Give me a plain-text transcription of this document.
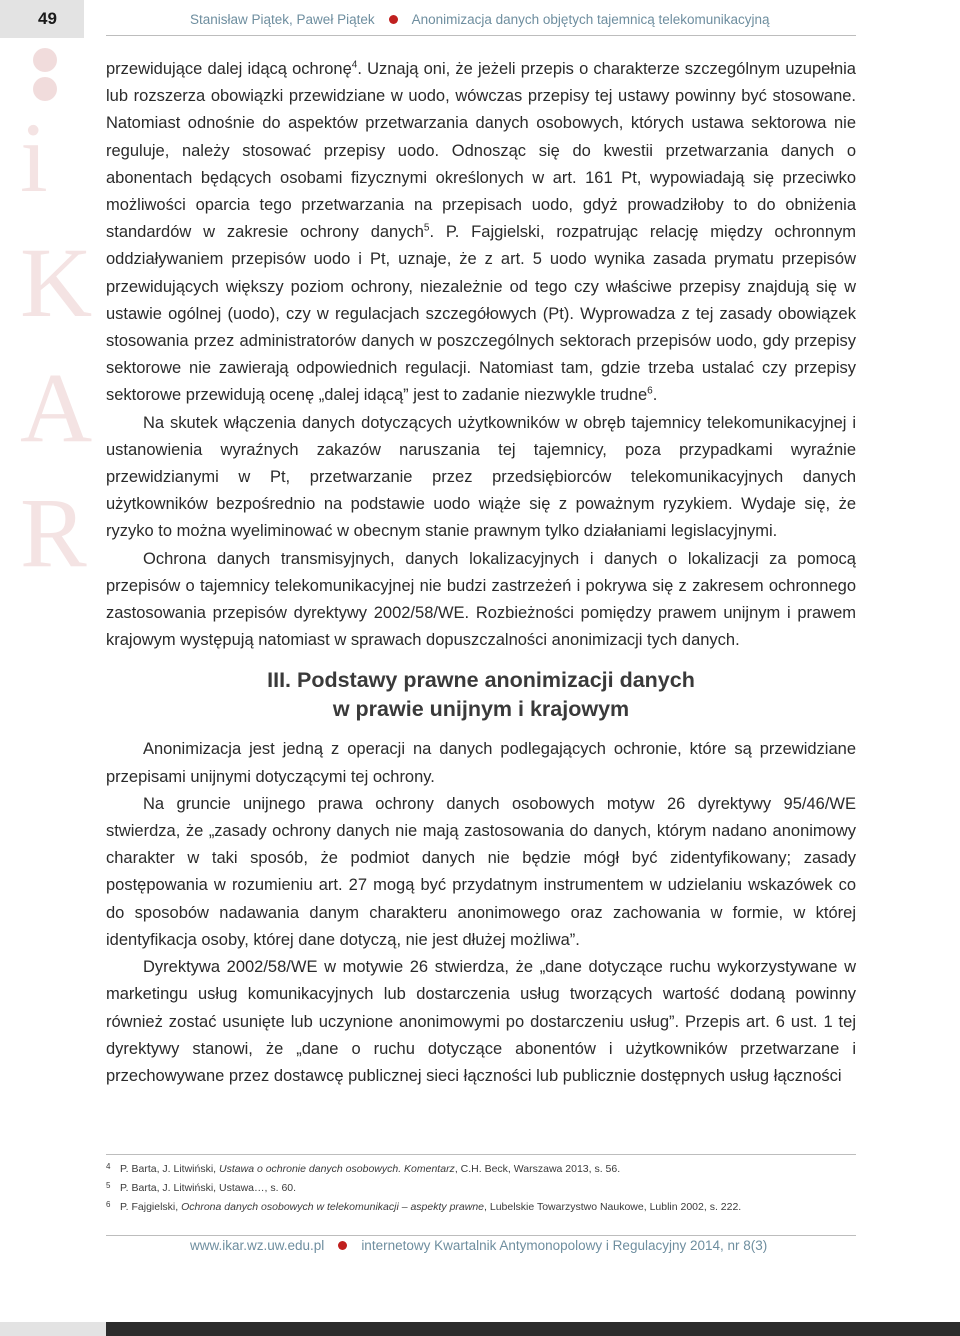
49	Stanisław Piątek, Paweł Piątek	Anonimizacja danych objętych tajemnicą telekomunikacyjną
i
K
A
R

przewidujące dalej idącą ochronę$^4$. Uznają oni, że jeżeli przepis o charakterze szczególnym uzupełnia lub rozszerza obowiązki przewidziane w uodo, wówczas przepisy tej ustawy powinny być stosowane. Natomiast odnośnie do aspektów przetwarzania danych osobowych, których ustawa sektorowa nie reguluje, należy stosować przepisy uodo. Odnosząc się do kwestii przetwarzania danych o abonentach będących osobami fizycznymi określonych w art. 161 Pt, wypowiadają się przeciwko możliwości oparcia tego przetwarzania na przepisach uodo, gdyż prowadziłoby to do obniżenia standardów w zakresie ochrony danych$^5$. P. Fajgielski, rozpatrując relację między ochronnym oddziaływaniem przepisów uodo i Pt, uznaje, że z art. 5 uodo wynika zasada prymatu przepisów przewidujących większy poziom ochrony, niezależnie od tego czy właściwe przepisy znajdują się w ustawie ogólnej (uodo), czy w regulacjach szczegółowych (Pt). Wyprowadza z tej zasady obowiązek stosowania przez administratorów danych w poszczególnych sektorach przepisów uodo, gdy przepisy sektorowe nie zawierają odpowiednich regulacji. Natomiast tam, gdzie trzeba ustalać czy przepisy sektorowe przewidują ocenę „dalej idącą” jest to zadanie niezwykle trudne$^6$.

Na skutek włączenia danych dotyczących użytkowników w obręb tajemnicy telekomunikacyjnej i ustanowienia wyraźnych zakazów naruszania tej tajemnicy, poza przypadkami wyraźnie przewidzianymi w Pt, przetwarzanie przez przedsiębiorców telekomunikacyjnych danych użytkowników bezpośrednio na podstawie uodo wiąże się z poważnym ryzykiem. Wydaje się, że ryzyko to można wyeliminować w obecnym stanie prawnym tylko działaniami legislacyjnymi.

Ochrona danych transmisyjnych, danych lokalizacyjnych i danych o lokalizacji za pomocą przepisów o tajemnicy telekomunikacyjnej nie budzi zastrzeżeń i pokrywa się z zakresem ochronnego zastosowania przepisów dyrektywy 2002/58/WE. Rozbieżności pomiędzy prawem unijnym i prawem krajowym występują natomiast w sprawach dopuszczalności anonimizacji tych danych.

III. Podstawy prawne anonimizacji danych
w prawie unijnym i krajowym

Anonimizacja jest jedną z operacji na danych podlegających ochronie, które są przewidziane przepisami unijnymi dotyczącymi tej ochrony.

Na gruncie unijnego prawa ochrony danych osobowych motyw 26 dyrektywy 95/46/WE stwierdza, że „zasady ochrony danych nie mają zastosowania do danych, którym nadano anonimowy charakter w taki sposób, że podmiot danych nie będzie mógł być zidentyfikowany; zasady postępowania w rozumieniu art. 27 mogą być przydatnym instrumentem w udzielaniu wskazówek co do sposobów nadawania danym charakteru anonimowego oraz zachowania w formie, w której identyfikacja osoby, której dane dotyczą, nie jest dłużej możliwa”.

Dyrektywa 2002/58/WE w motywie 26 stwierdza, że „dane dotyczące ruchu wykorzystywane w marketingu usług komunikacyjnych lub dostarczenia usług tworzących wartość dodaną powinny również zostać usunięte lub uczynione anonimowymi po dostarczeniu usług”. Przepis art. 6 ust. 1 tej dyrektywy stanowi, że „dane o ruchu dotyczące abonentów i użytkowników przetwarzane i przechowywane przez dostawcę publicznej sieci łączności lub publicznie dostępnych usług łączności

4 P. Barta, J. Litwiński, Ustawa o ochronie danych osobowych. Komentarz, C.H. Beck, Warszawa 2013, s. 56.
5 P. Barta, J. Litwiński, Ustawa…, s. 60.
6 P. Fajgielski, Ochrona danych osobowych w telekomunikacji – aspekty prawne, Lubelskie Towarzystwo Naukowe, Lublin 2002, s. 222.
www.ikar.wz.uw.edu.pl	internetowy Kwartalnik Antymonopolowy i Regulacyjny 2014, nr 8(3)
